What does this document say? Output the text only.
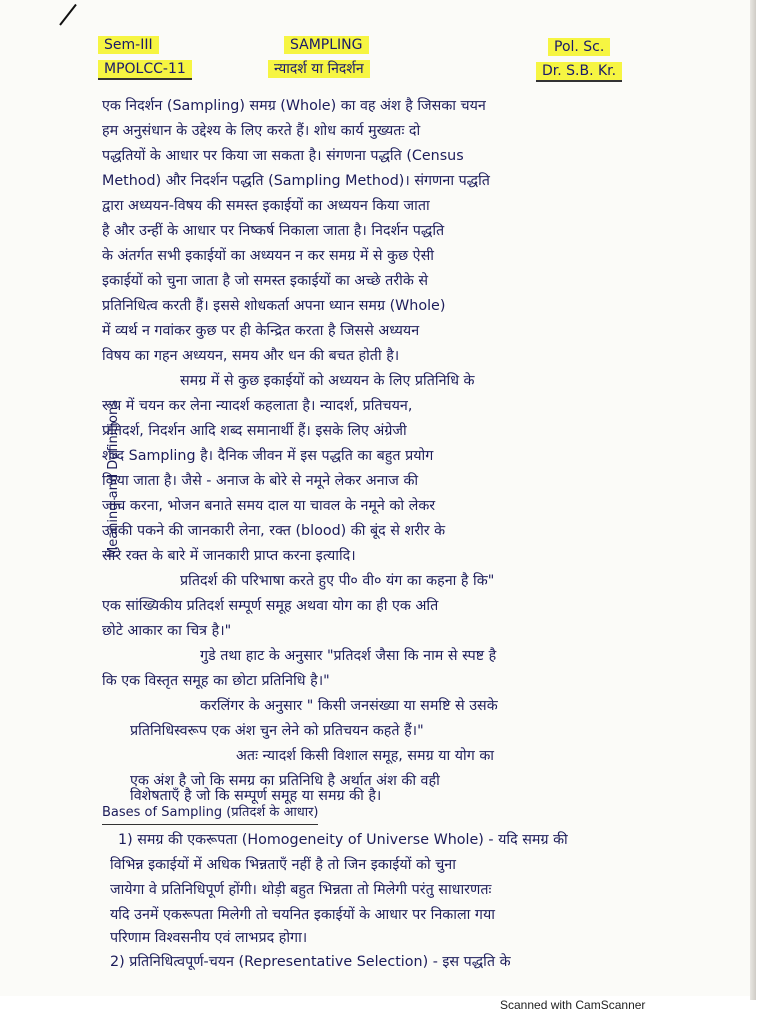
Sem-III
MPOLCC-11
SAMPLING
न्यादर्श या निदर्शन
Pol. Sc.
Dr. S.B. Kr.
Meaning and Definitions
एक निदर्शन (Sampling) समग्र (Whole) का वह अंश है जिसका चयन
हम अनुसंधान के उद्देश्य के लिए करते हैं। शोध कार्य मुख्यतः दो
पद्धतियों के आधार पर किया जा सकता है। संगणना पद्धति (Census
Method) और निदर्शन पद्धति (Sampling Method)। संगणना पद्धति
द्वारा अध्ययन-विषय की समस्त इकाईयों का अध्ययन किया जाता
है और उन्हीं के आधार पर निष्कर्ष निकाला जाता है। निदर्शन पद्धति
के अंतर्गत सभी इकाईयों का अध्ययन न कर समग्र में से कुछ ऐसी
इकाईयों को चुना जाता है जो समस्त इकाईयों का अच्छे तरीके से
प्रतिनिधित्व करती हैं। इससे शोधकर्ता अपना ध्यान समग्र (Whole)
में व्यर्थ न गवांकर कुछ पर ही केन्द्रित करता है जिससे अध्ययन
विषय का गहन अध्ययन, समय और धन की बचत होती है।
समग्र में से कुछ इकाईयों को अध्ययन के लिए प्रतिनिधि के
रूप में चयन कर लेना न्यादर्श कहलाता है। न्यादर्श, प्रतिचयन,
प्रतिदर्श, निदर्शन आदि शब्द समानार्थी हैं। इसके लिए अंग्रेजी
शब्द Sampling है। दैनिक जीवन में इस पद्धति का बहुत प्रयोग
किया जाता है। जैसे - अनाज के बोरे से नमूने लेकर अनाज की
जांच करना, भोजन बनाते समय दाल या चावल के नमूने को लेकर
उनकी पकने की जानकारी लेना, रक्त (blood) की बूंद से शरीर के
सारे रक्त के बारे में जानकारी प्राप्त करना इत्यादि।
प्रतिदर्श की परिभाषा करते हुए पी० वी० यंग का कहना है कि"
एक सांख्यिकीय प्रतिदर्श सम्पूर्ण समूह अथवा योग का ही एक अति
छोटे आकार का चित्र है।"
गुडे तथा हाट के अनुसार "प्रतिदर्श जैसा कि नाम से स्पष्ट है
कि एक विस्तृत समूह का छोटा प्रतिनिधि है।"
करलिंगर के अनुसार " किसी जनसंख्या या समष्टि से उसके
प्रतिनिधिस्वरूप एक अंश चुन लेने को प्रतिचयन कहते हैं।"
अतः न्यादर्श किसी विशाल समूह, समग्र या योग का
एक अंश है जो कि समग्र का प्रतिनिधि है अर्थात अंश की वही
विशेषताएँ है जो कि सम्पूर्ण समूह या समग्र की है।
Bases of Sampling (प्रतिदर्श के आधार)
1) समग्र की एकरूपता (Homogeneity of Universe Whole) - यदि समग्र की
विभिन्न इकाईयों में अधिक भिन्नताएँ नहीं है तो जिन इकाईयों को चुना
जायेगा वे प्रतिनिधिपूर्ण होंगी। थोड़ी बहुत भिन्नता तो मिलेगी परंतु साधारणतः
यदि उनमें एकरूपता मिलेगी तो चयनित इकाईयों के आधार पर निकाला गया
परिणाम विश्वसनीय एवं लाभप्रद होगा।
2) प्रतिनिधित्वपूर्ण-चयन (Representative Selection) - इस पद्धति के
Scanned with CamScanner
